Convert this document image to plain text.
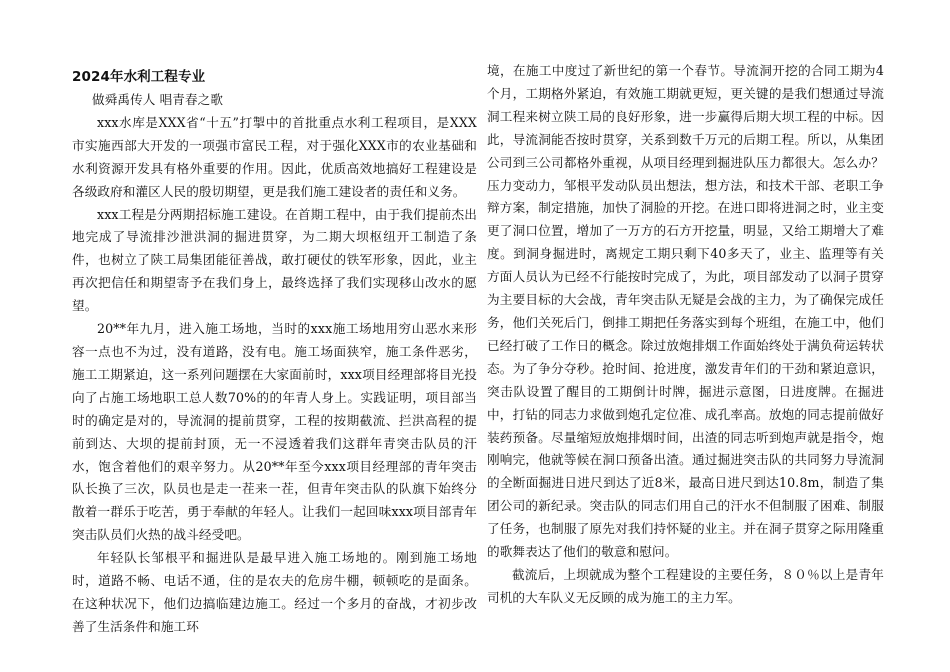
2024年水利工程专业

做舜禹传人 唱青春之歌

xxx水库是XXX省“十五”打掣中的首批重点水利工程项目，是XXX市实施西部大开发的一项强市富民工程，对于强化XXX市的农业基础和水利资源开发具有格外重要的作用。因此，优质高效地搞好工程建设是各级政府和灌区人民的殷切期望，更是我们施工建设者的责任和义务。

xxx工程是分两期招标施工建设。在首期工程中，由于我们提前杰出地完成了导流排沙泄洪洞的掘进贯穿，为二期大坝枢纽开工制造了条件，也树立了陕工局集团能征善战，敢打硬仗的铁军形象，因此，业主再次把信任和期望寄予在我们身上，最终选择了我们实现移山改水的愿望。

20**年九月，进入施工场地，当时的xxx施工场地用穷山恶水来形容一点也不为过，没有道路，没有电。施工场面狭窄，施工条件恶劣，施工工期紧迫，这一系列问题摆在大家面前时，xxx项目经理部将目光投向了占施工场地职工总人数70%的的年青人身上。实践证明，项目部当时的确定是对的，导流洞的提前贯穿，工程的按期截流、拦洪高程的提前到达、大坝的提前封顶，无一不浸透着我们这群年青突击队员的汗水，饱含着他们的艰辛努力。从20**年至今xxx项目经理部的青年突击队长换了三次，队员也是走一茬来一茬，但青年突击队的队旗下始终分散着一群乐于吃苦，勇于奉献的年轻人。让我们一起回味xxx项目部青年突击队员们火热的战斗经受吧。

年轻队长邹根平和掘进队是最早进入施工场地的。刚到施工场地时，道路不畅、电话不通，住的是农夫的危房牛棚，顿顿吃的是面条。在这种状况下，他们边搞临建边施工。经过一个多月的奋战，才初步改善了生活条件和施工环

境，在施工中度过了新世纪的第一个春节。导流洞开挖的合同工期为4个月，工期格外紧迫，有效施工期就更短，更关键的是我们想通过导流洞工程来树立陕工局的良好形象，进一步赢得后期大坝工程的中标。因此，导流洞能否按时贯穿，关系到数千万元的后期工程。所以，从集团公司到三公司都格外重视，从项目经理到掘进队压力都很大。怎么办？压力变动力，邹根平发动队员出想法，想方法，和技术干部、老职工争辩方案，制定措施，加快了洞脸的开挖。在进口即将进洞之时，业主变更了洞口位置，增加了一万方的石方开挖量，明显，又给工期增大了难度。到洞身掘进时，离规定工期只剩下40多天了，业主、监理等有关方面人员认为已经不行能按时完成了，为此，项目部发动了以洞子贯穿为主要目标的大会战，青年突击队无疑是会战的主力，为了确保完成任务，他们关死后门，倒排工期把任务落实到每个班组，在施工中，他们已经打破了工作日的概念。除过放炮排烟工作面始终处于满负荷运转状态。为了争分夺秒。抢时间、抢进度，激发青年们的干劲和紧迫意识，突击队设置了醒目的工期倒计时牌，掘进示意图，日进度牌。在掘进中，打钻的同志力求做到炮孔定位准、成孔率高。放炮的同志提前做好装药预备。尽量缩短放炮排烟时间，出渣的同志听到炮声就是指令，炮刚响完，他就等候在洞口预备出渣。通过掘进突击队的共同努力导流洞的全断面掘进日进尺到达了近8米，最高日进尺到达10.8m，制造了集团公司的新纪录。突击队的同志们用自己的汗水不但制服了困难、制服了任务，也制服了原先对我们持怀疑的业主。并在洞子贯穿之际用隆重的歌舞表达了他们的敬意和慰问。

截流后，上坝就成为整个工程建设的主要任务，８０％以上是青年司机的大车队义无反顾的成为施工的主力军。
